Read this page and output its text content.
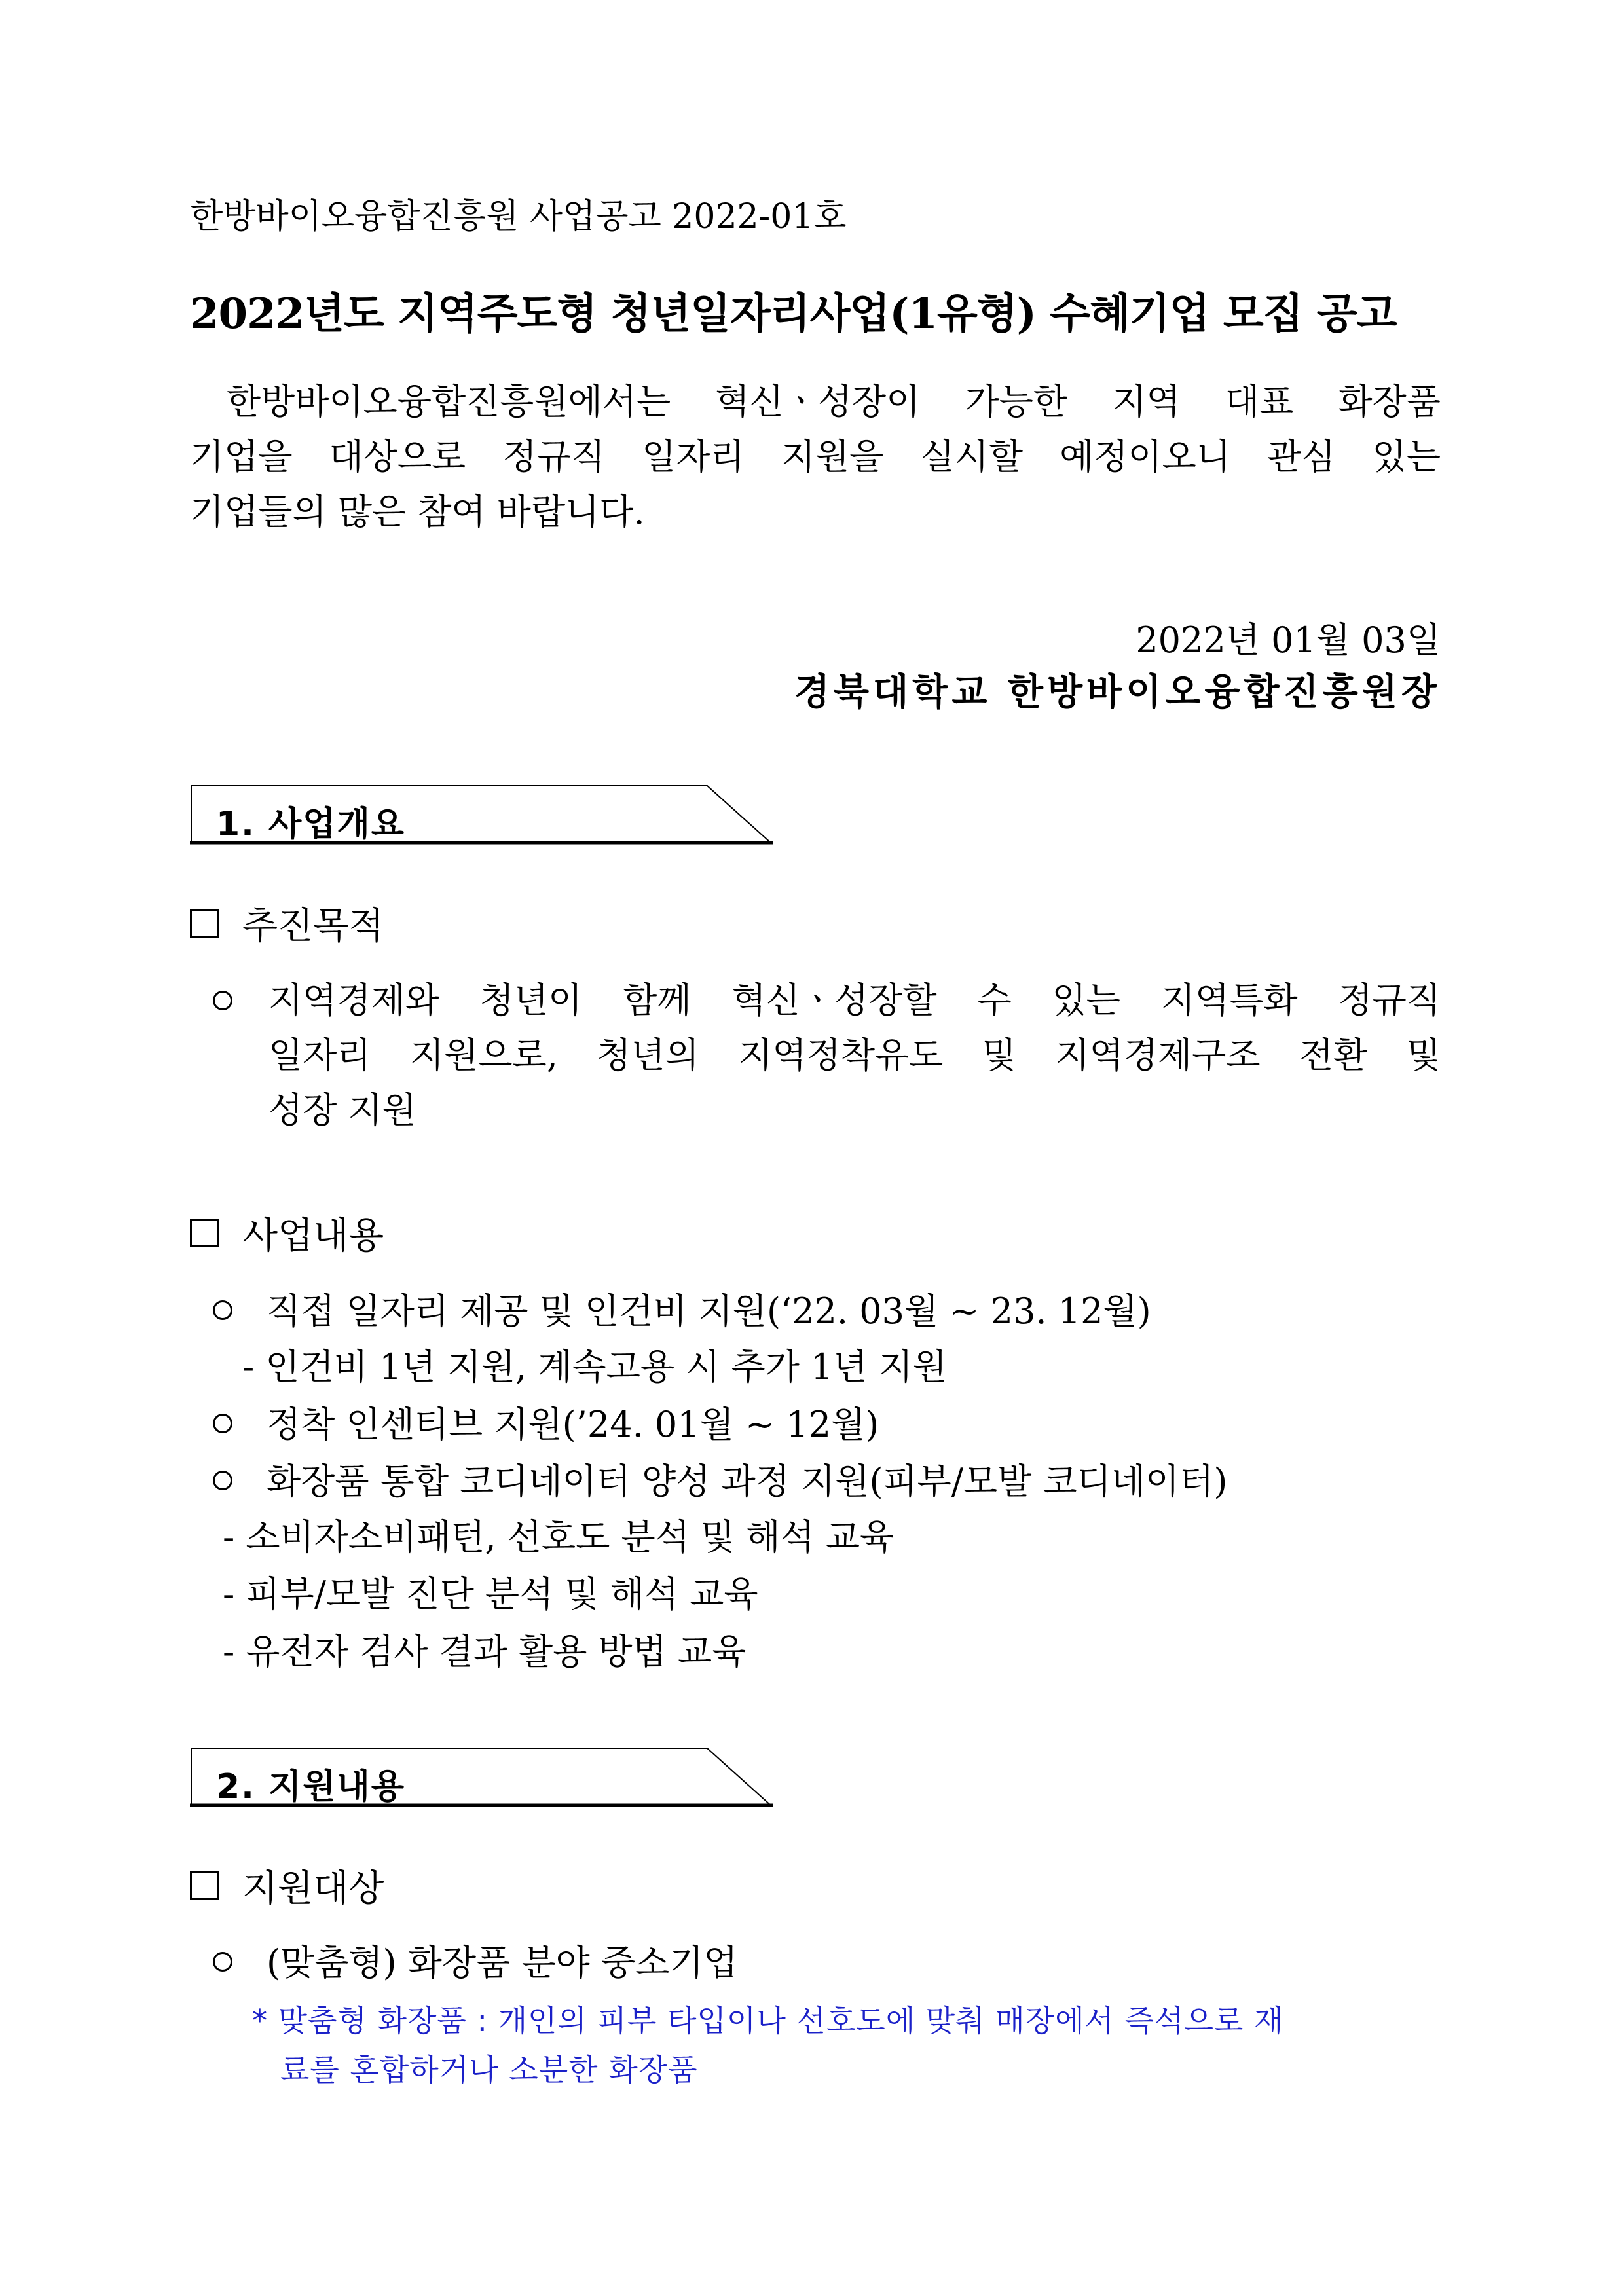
한방바이오융합진흥원 사업공고 2022-01호
2022년도 지역주도형 청년일자리사업(1유형) 수혜기업 모집 공고
한방바이오융합진흥원에서는 혁신ㆍ성장이 가능한 지역 대표 화장품
기업을 대상으로 정규직 일자리 지원을 실시할 예정이오니 관심 있는
기업들의 많은 참여 바랍니다.
2022년 01월 03일
경북대학교 한방바이오융합진흥원장
1. 사업개요
추진목적
지역경제와 청년이 함께 혁신ㆍ성장할 수 있는 지역특화 정규직
일자리 지원으로, 청년의 지역정착유도 및 지역경제구조 전환 및
성장 지원
사업내용
직접 일자리 제공 및 인건비 지원(‘22. 03월 ~ 23. 12월)
- 인건비 1년 지원, 계속고용 시 추가 1년 지원
정착 인센티브 지원(’24. 01월 ~ 12월)
화장품 통합 코디네이터 양성 과정 지원(피부/모발 코디네이터)
- 소비자소비패턴, 선호도 분석 및 해석 교육
- 피부/모발 진단 분석 및 해석 교육
- 유전자 검사 결과 활용 방법 교육
2. 지원내용
지원대상
(맞춤형) 화장품 분야 중소기업
* 맞춤형 화장품 : 개인의 피부 타입이나 선호도에 맞춰 매장에서 즉석으로 재
료를 혼합하거나 소분한 화장품
